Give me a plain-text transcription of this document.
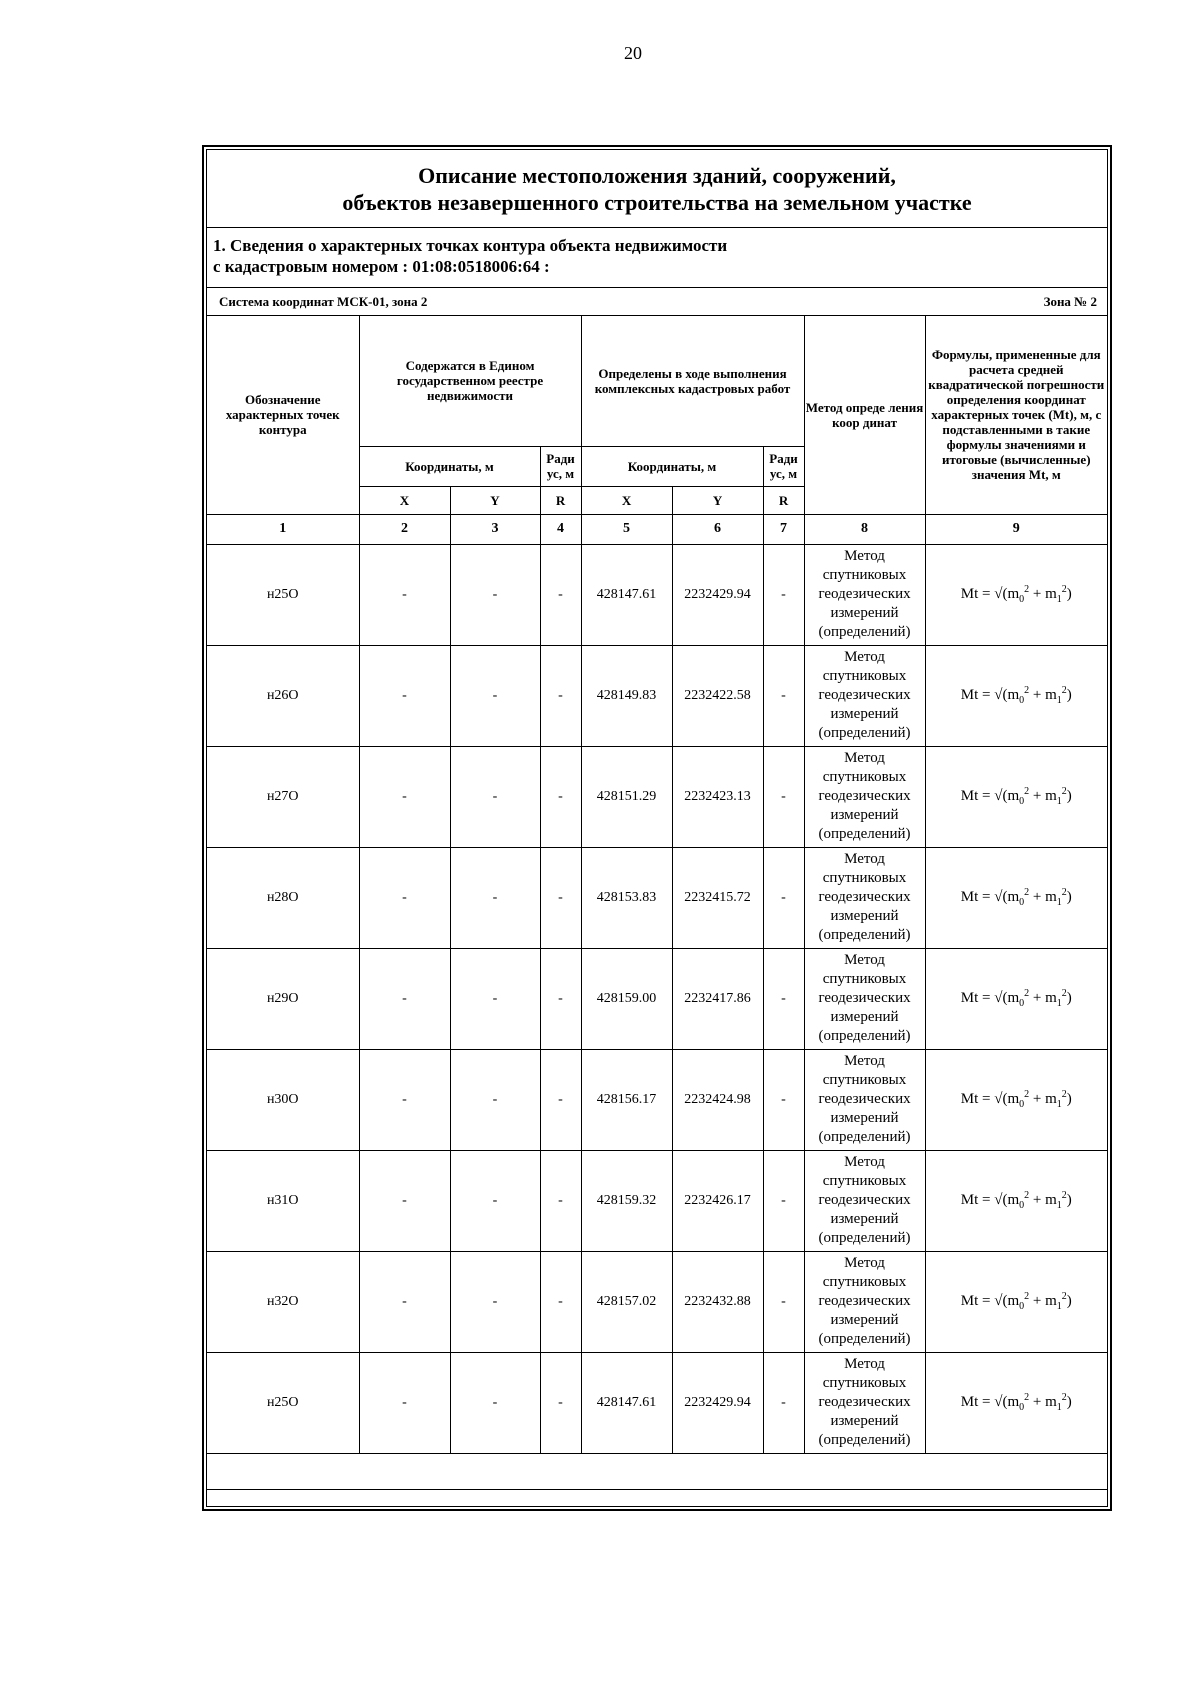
20
Описание местоположения зданий, сооружений,
объектов незавершенного строительства на земельном участке
1. Сведения о характерных точках контура объекта недвижимости
с кадастровым номером : 01:08:0518006:64 :
Система координат МСК-01, зона 2	Зона № 2
Обозначение характерных точек контура	Содержатся в Едином государственном реестре недвижимости			Определены в ходе выполнения комплексных кадастровых работ			Метод опреде ления коор динат	Формулы, примененные для расчета средней квадратической погрешности определения координат характерных точек (Mt), м, с подставленными в такие формулы значениями и итоговые (вычисленные) значения Mt, м
	Координаты, м		Ради ус, м	Координаты, м		Ради ус, м		
	X	Y	R	X	Y	R		
1	2	3	4	5	6	7	8	9
н25О	-	-	-	428147.61	2232429.94	-	Метод спутниковых геодезических измерений (определений)	$Mt = √(m_0^2 + m_1^2)$
н26О	-	-	-	428149.83	2232422.58	-	Метод спутниковых геодезических измерений (определений)	$Mt = √(m_0^2 + m_1^2)$
н27О	-	-	-	428151.29	2232423.13	-	Метод спутниковых геодезических измерений (определений)	$Mt = √(m_0^2 + m_1^2)$
н28О	-	-	-	428153.83	2232415.72	-	Метод спутниковых геодезических измерений (определений)	$Mt = √(m_0^2 + m_1^2)$
н29О	-	-	-	428159.00	2232417.86	-	Метод спутниковых геодезических измерений (определений)	$Mt = √(m_0^2 + m_1^2)$
н30О	-	-	-	428156.17	2232424.98	-	Метод спутниковых геодезических измерений (определений)	$Mt = √(m_0^2 + m_1^2)$
н31О	-	-	-	428159.32	2232426.17	-	Метод спутниковых геодезических измерений (определений)	$Mt = √(m_0^2 + m_1^2)$
н32О	-	-	-	428157.02	2232432.88	-	Метод спутниковых геодезических измерений (определений)	$Mt = √(m_0^2 + m_1^2)$
н25О	-	-	-	428147.61	2232429.94	-	Метод спутниковых геодезических измерений (определений)	$Mt = √(m_0^2 + m_1^2)$
